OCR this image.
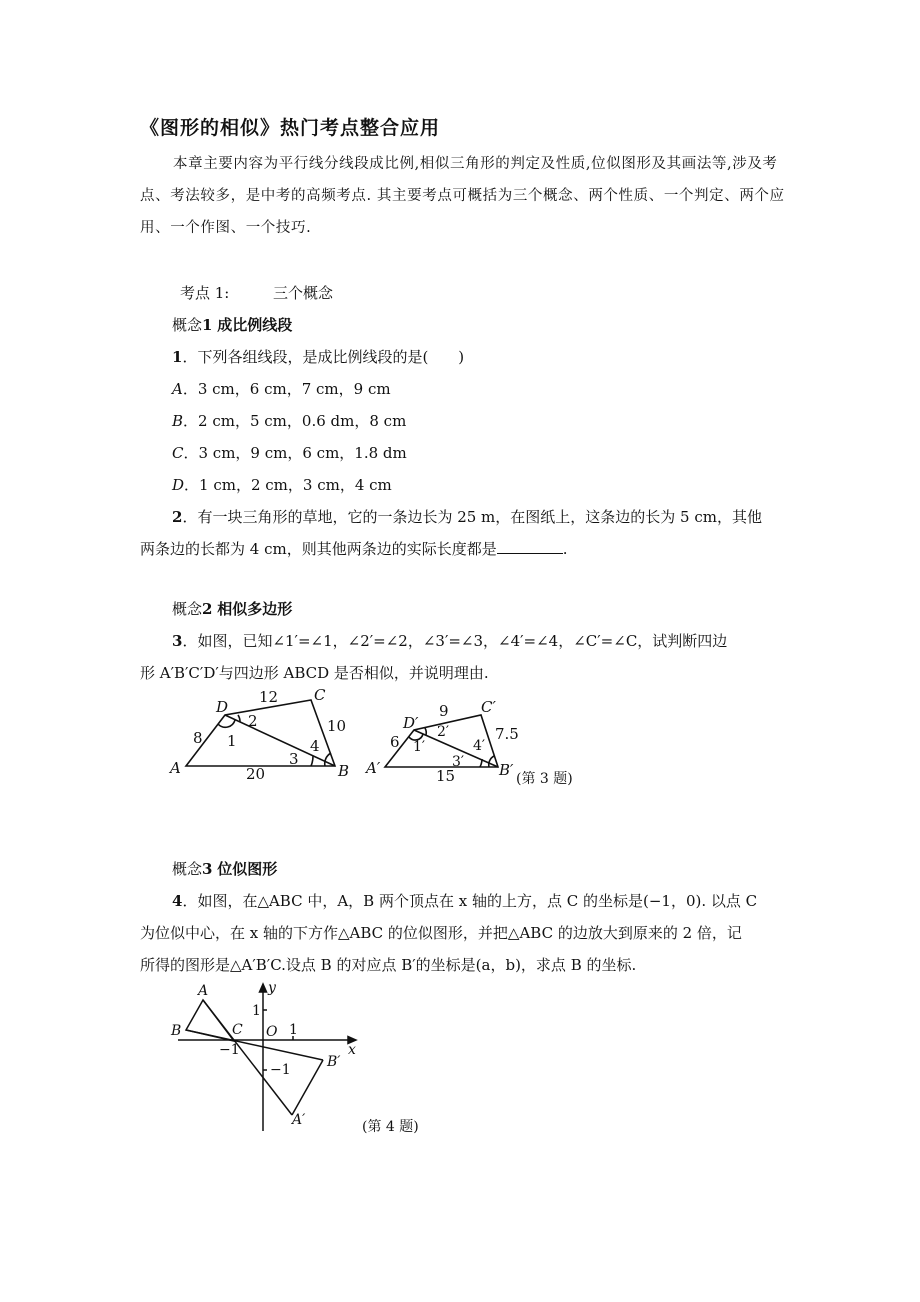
《图形的相似》热门考点整合应用
本章主要内容为平行线分线段成比例,相似三角形的判定及性质,位似图形及其画法等,涉及考点、考法较多，是中考的高频考点. 其主要考点可概括为三个概念、两个性质、一个判定、两个应用、一个作图、一个技巧.
考点 1:	三个概念
概念1 成比例线段
1．下列各组线段，是成比例线段的是(　　)
A．3 cm，6 cm，7 cm，9 cm
B．2 cm，5 cm，0.6 dm，8 cm
C．3 cm，9 cm，6 cm，1.8 dm
D．1 cm，2 cm，3 cm，4 cm
2．有一块三角形的草地，它的一条边长为 25 m，在图纸上，这条边的长为 5 cm，其他
两条边的长都为 4 cm，则其他两条边的实际长度都是	.
概念2 相似多边形
3．如图，已知∠1′=∠1，∠2′=∠2，∠3′=∠3，∠4′=∠4，∠C′=∠C，试判断四边
形 A′B′C′D′与四边形 ABCD 是否相似，并说明理由.
A	B
C
D
8
12
10
20
1
2
3
4
A′	B′
C′
D′
6
9
7.5
15
1′
2′
3′
4′
(第 3 题)
A
B	C O
A′
B′
x
y
1
1
−1
−1
(第 4 题)
概念3 位似图形
4．如图，在△ABC 中，A，B 两个顶点在 x 轴的上方，点 C 的坐标是(−1，0). 以点 C
为位似中心，在 x 轴的下方作△ABC 的位似图形，并把△ABC 的边放大到原来的 2 倍，记
所得的图形是△A′B′C.设点 B 的对应点 B′的坐标是(a，b)，求点 B 的坐标.
